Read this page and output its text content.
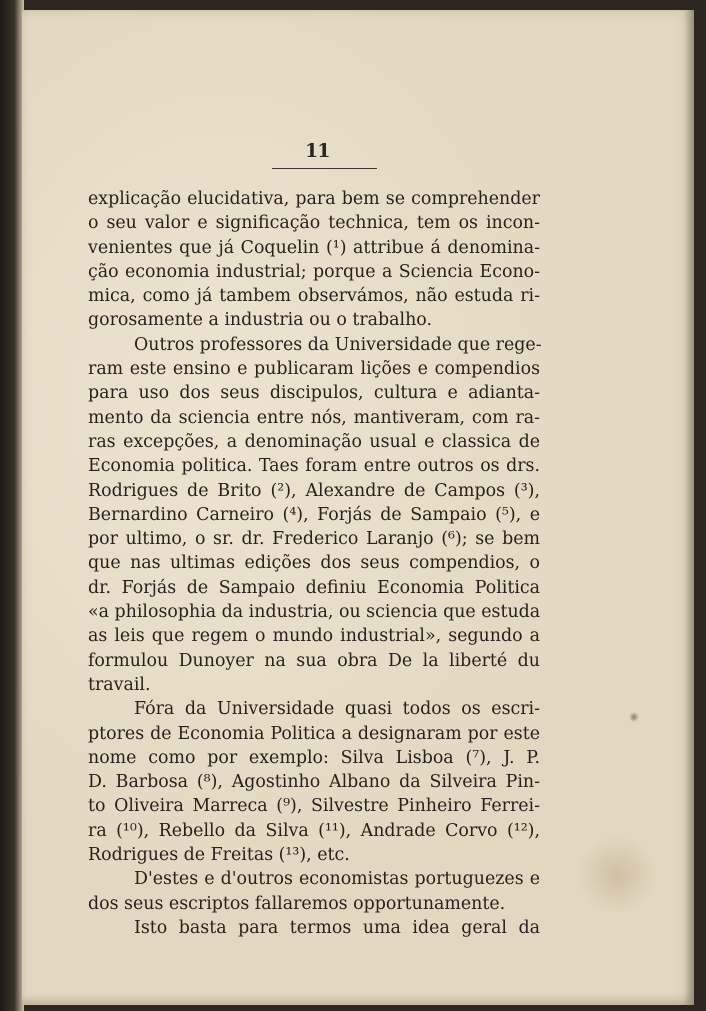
11
explicação elucidativa, para bem se comprehender
o seu valor e significação technica, tem os incon-
venientes que já Coquelin (¹) attribue á denomina-
ção economia industrial; porque a Sciencia Econo-
mica, como já tambem observámos, não estuda ri-
gorosamente a industria ou o trabalho.
Outros professores da Universidade que rege-
ram este ensino e publicaram lições e compendios
para uso dos seus discipulos, cultura e adianta-
mento da sciencia entre nós, mantiveram, com ra-
ras excepções, a denominação usual e classica de
Economia politica. Taes foram entre outros os drs.
Rodrigues de Brito (²), Alexandre de Campos (³),
Bernardino Carneiro (⁴), Forjás de Sampaio (⁵), e
por ultimo, o sr. dr. Frederico Laranjo (⁶); se bem
que nas ultimas edições dos seus compendios, o
dr. Forjás de Sampaio definiu Economia Politica
«a philosophia da industria, ou sciencia que estuda
as leis que regem o mundo industrial», segundo a
formulou Dunoyer na sua obra De la liberté du
travail.
Fóra da Universidade quasi todos os escri-
ptores de Economia Politica a designaram por este
nome como por exemplo: Silva Lisboa (⁷), J. P.
D. Barbosa (⁸), Agostinho Albano da Silveira Pin-
to Oliveira Marreca (⁹), Silvestre Pinheiro Ferrei-
ra (¹⁰), Rebello da Silva (¹¹), Andrade Corvo (¹²),
Rodrigues de Freitas (¹³), etc.
D'estes e d'outros economistas portuguezes e
dos seus escriptos fallaremos opportunamente.
Isto basta para termos uma idea geral da
